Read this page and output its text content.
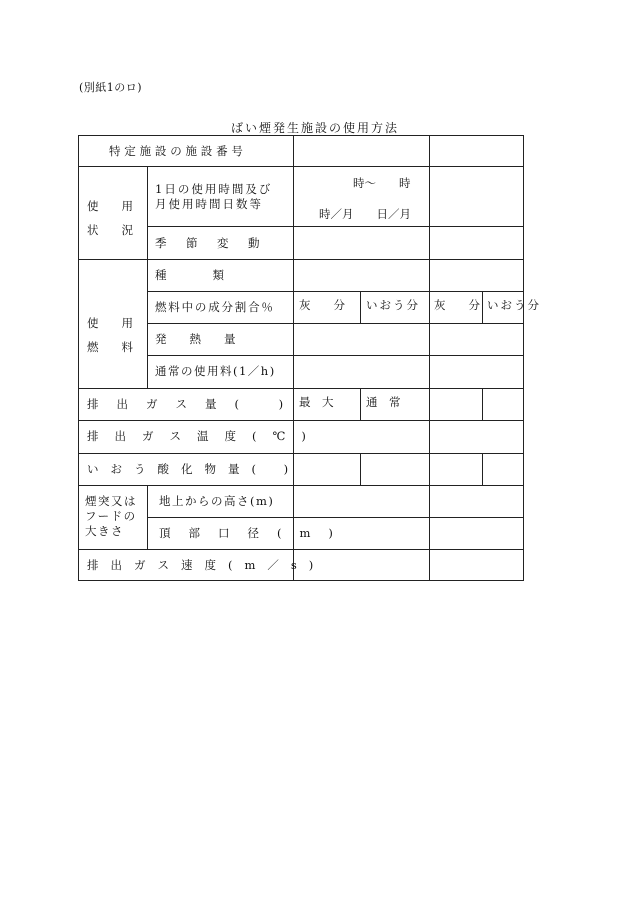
(別紙1のロ)
ばい煙発生施設の使用方法
特定施設の施設番号
使　　用
状　　況
1日の使用時間及び
月使用時間日数等
時～　　時
時／月　　日／月
季節変動
使　　用
燃　　料
種　　　　類
燃料中の成分割合％ 灰　　分 いおう分 灰　　分 いおう分
発　　熱　　量
通常の使用料(1／h)
排出ガス量( )
最　大	通　常
排出ガス温度(℃)
いおう酸化物量( )
煙突又は
フードの
大きさ
地上からの高さ(m)
頂部口径(m)
排出ガス速度(m／s)
